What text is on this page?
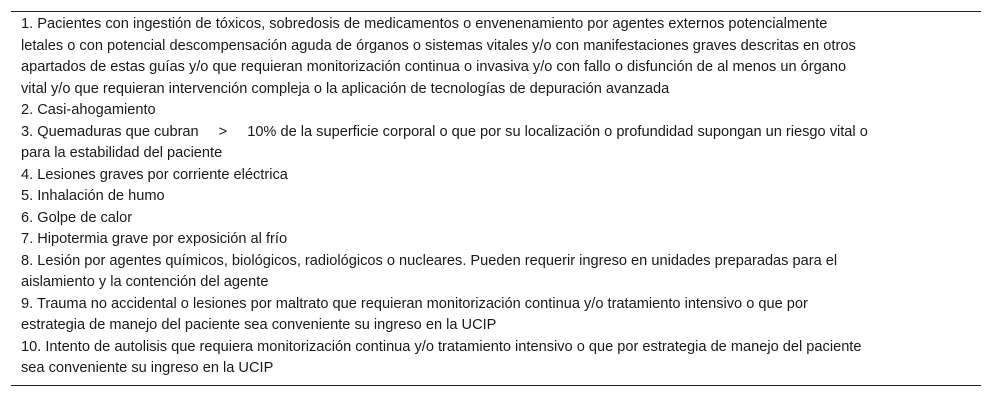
1. Pacientes con ingestión de tóxicos, sobredosis de medicamentos o envenenamiento por agentes externos potencialmente
letales o con potencial descompensación aguda de órganos o sistemas vitales y/o con manifestaciones graves descritas en otros
apartados de estas guías y/o que requieran monitorización continua o invasiva y/o con fallo o disfunción de al menos un órgano
vital y/o que requieran intervención compleja o la aplicación de tecnologías de depuración avanzada
2. Casi-ahogamiento
3. Quemaduras que cubran > 10% de la superficie corporal o que por su localización o profundidad supongan un riesgo vital o
para la estabilidad del paciente
4. Lesiones graves por corriente eléctrica
5. Inhalación de humo
6. Golpe de calor
7. Hipotermia grave por exposición al frío
8. Lesión por agentes químicos, biológicos, radiológicos o nucleares. Pueden requerir ingreso en unidades preparadas para el
aislamiento y la contención del agente
9. Trauma no accidental o lesiones por maltrato que requieran monitorización continua y/o tratamiento intensivo o que por
estrategia de manejo del paciente sea conveniente su ingreso en la UCIP
10. Intento de autolisis que requiera monitorización continua y/o tratamiento intensivo o que por estrategia de manejo del paciente
sea conveniente su ingreso en la UCIP
